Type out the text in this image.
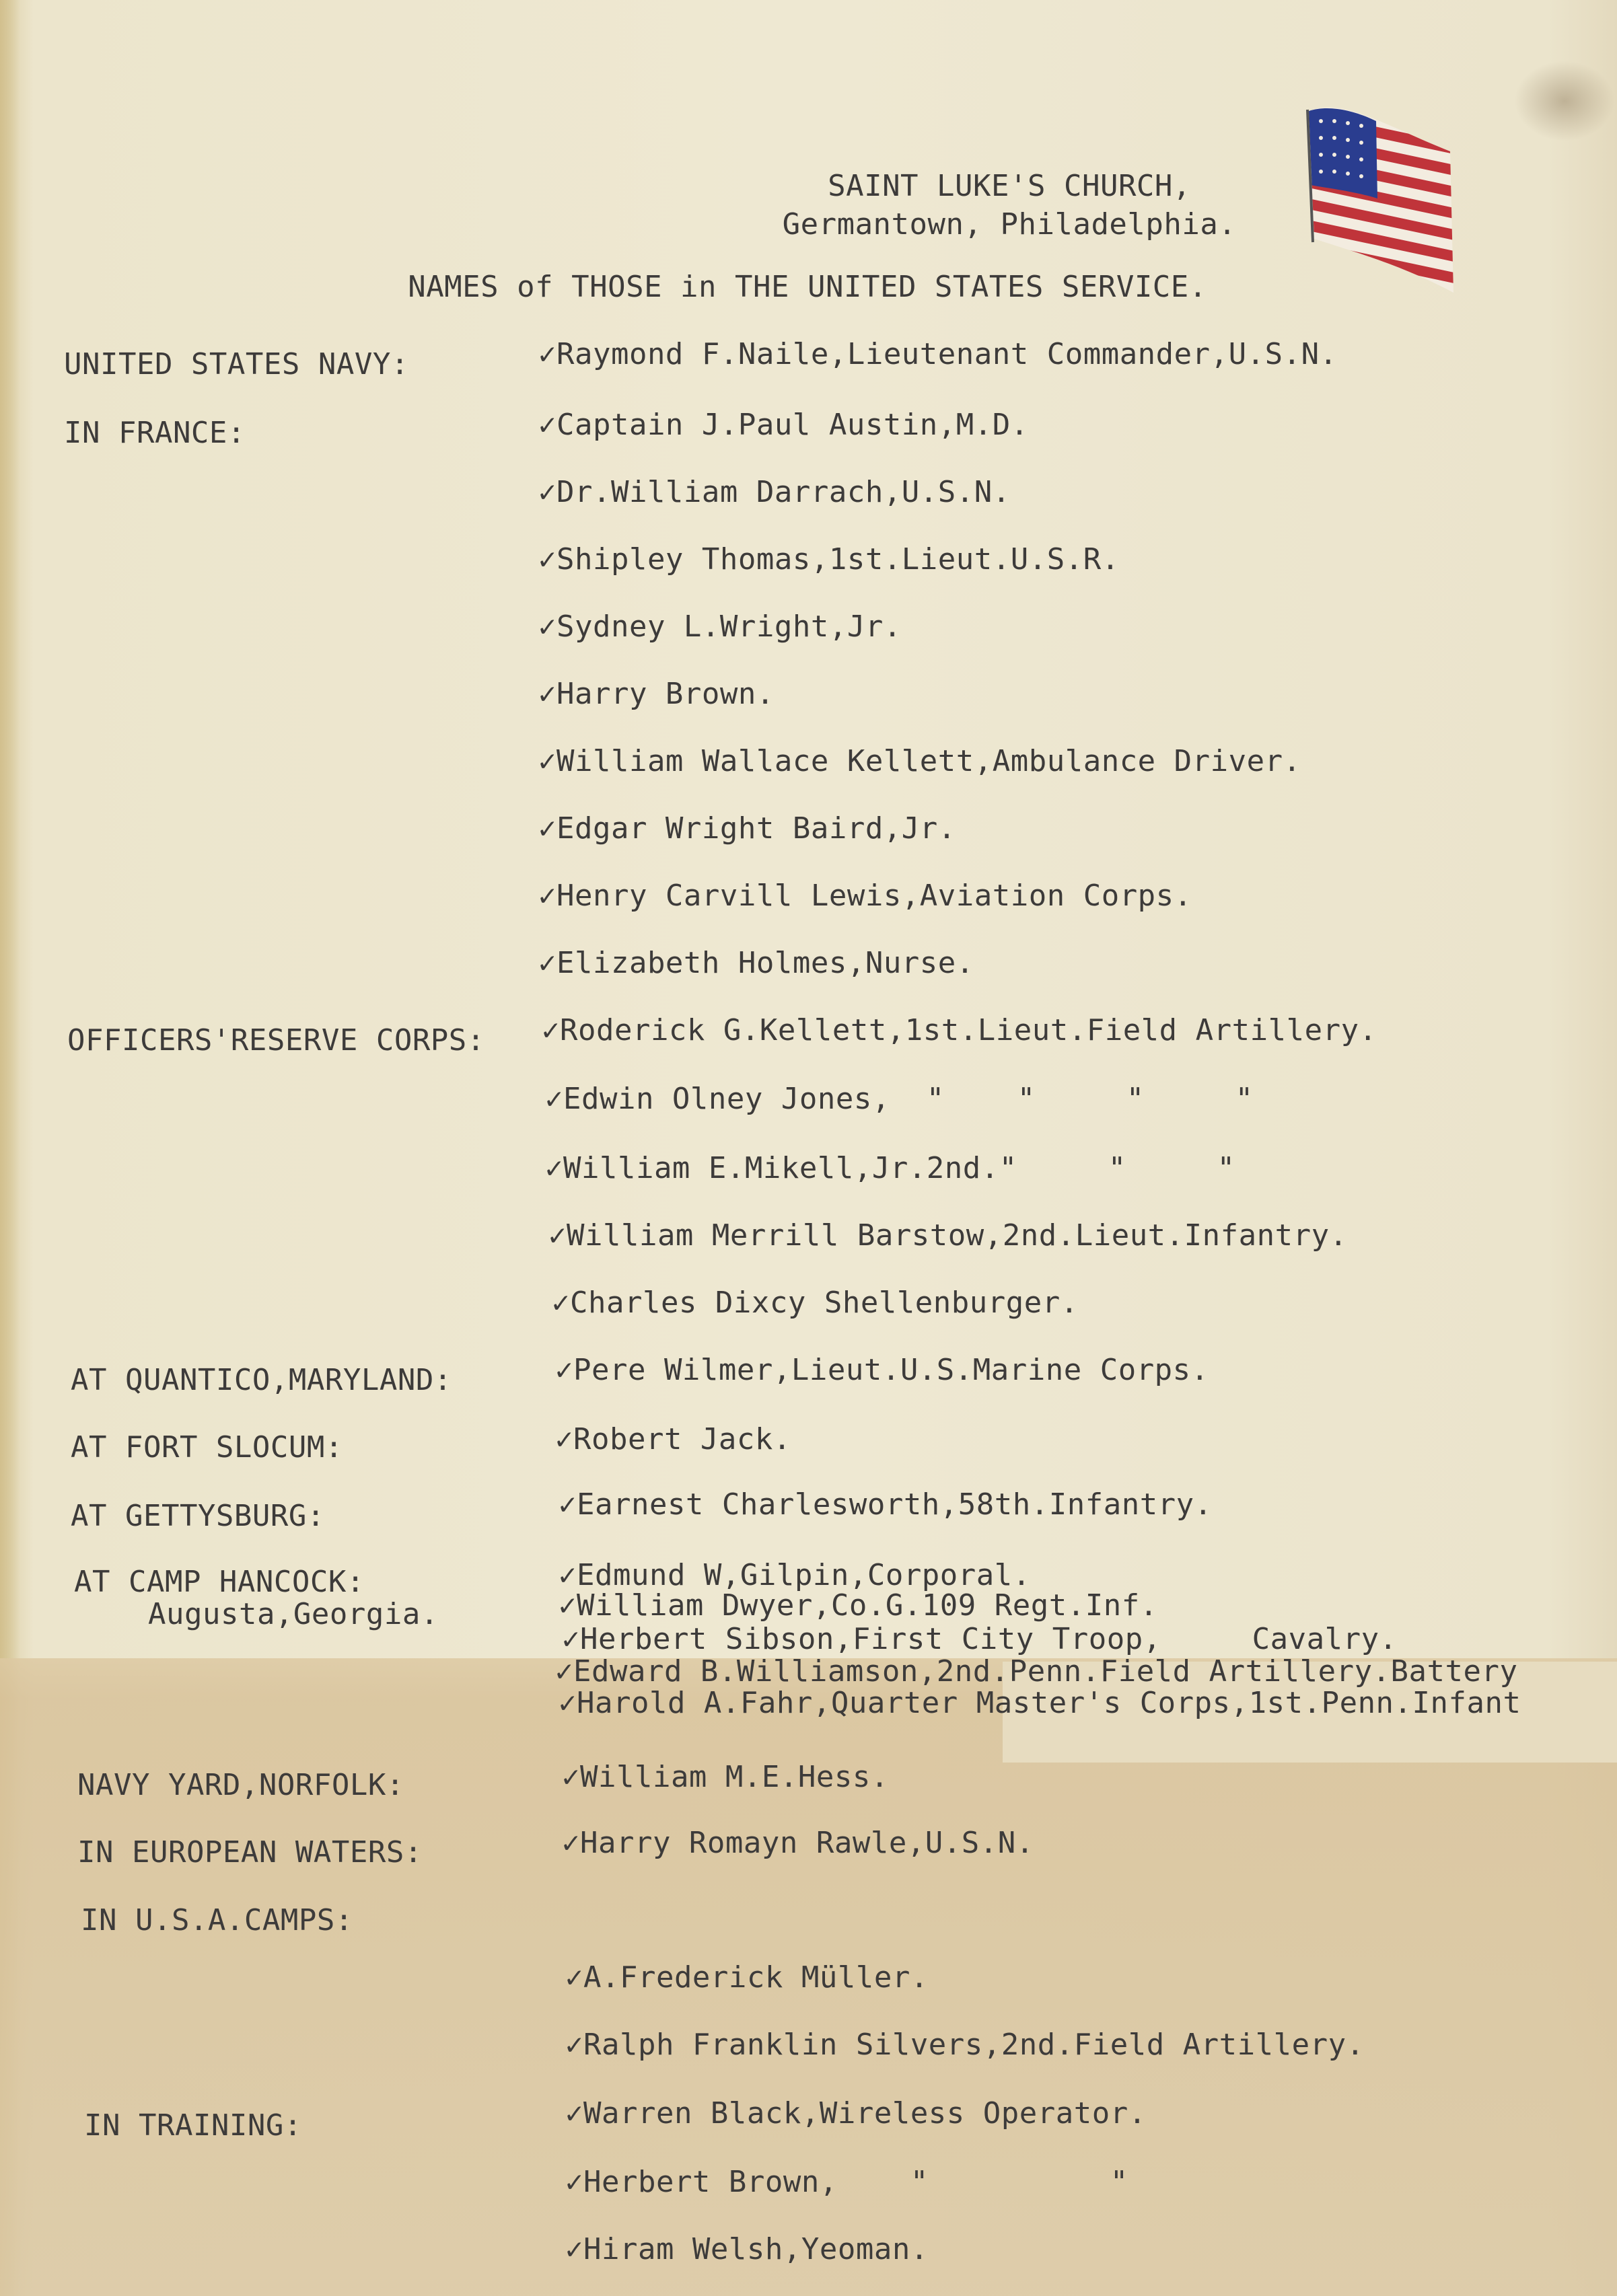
SAINT LUKE'S CHURCH,
Germantown, Philadelphia.
NAMES of THOSE in THE UNITED STATES SERVICE.
UNITED STATES NAVY:	✓Raymond F.Naile,Lieutenant Commander,U.S.N.
IN FRANCE:	✓Captain J.Paul Austin,M.D.
✓Dr.William Darrach,U.S.N.
✓Shipley Thomas,1st.Lieut.U.S.R.
✓Sydney L.Wright,Jr.
✓Harry Brown.
✓William Wallace Kellett,Ambulance Driver.
✓Edgar Wright Baird,Jr.
✓Henry Carvill Lewis,Aviation Corps.
✓Elizabeth Holmes,Nurse.
OFFICERS'RESERVE CORPS: ✓Roderick G.Kellett,1st.Lieut.Field Artillery.
✓Edwin Olney Jones,  "    "     "     "
✓William E.Mikell,Jr.2nd."     "     "
✓William Merrill Barstow,2nd.Lieut.Infantry.
✓Charles Dixcy Shellenburger.
AT QUANTICO,MARYLAND:	✓Pere Wilmer,Lieut.U.S.Marine Corps.
AT FORT SLOCUM:	✓Robert Jack.
AT GETTYSBURG:	✓Earnest Charlesworth,58th.Infantry.
AT CAMP HANCOCK:
Augusta,Georgia.
✓Edmund W,Gilpin,Corporal.
✓William Dwyer,Co.G.109 Regt.Inf.
✓Herbert Sibson,First City Troop,     Cavalry.
✓Edward B.Williamson,2nd.Penn.Field Artillery.Battery
✓Harold A.Fahr,Quarter Master's Corps,1st.Penn.Infant
NAVY YARD,NORFOLK:	✓William M.E.Hess.
IN EUROPEAN WATERS:	✓Harry Romayn Rawle,U.S.N.
IN U.S.A.CAMPS:
✓A.Frederick Müller.
✓Ralph Franklin Silvers,2nd.Field Artillery.
IN TRAINING:	✓Warren Black,Wireless Operator.
✓Herbert Brown,    "          "
✓Hiram Welsh,Yeoman.
